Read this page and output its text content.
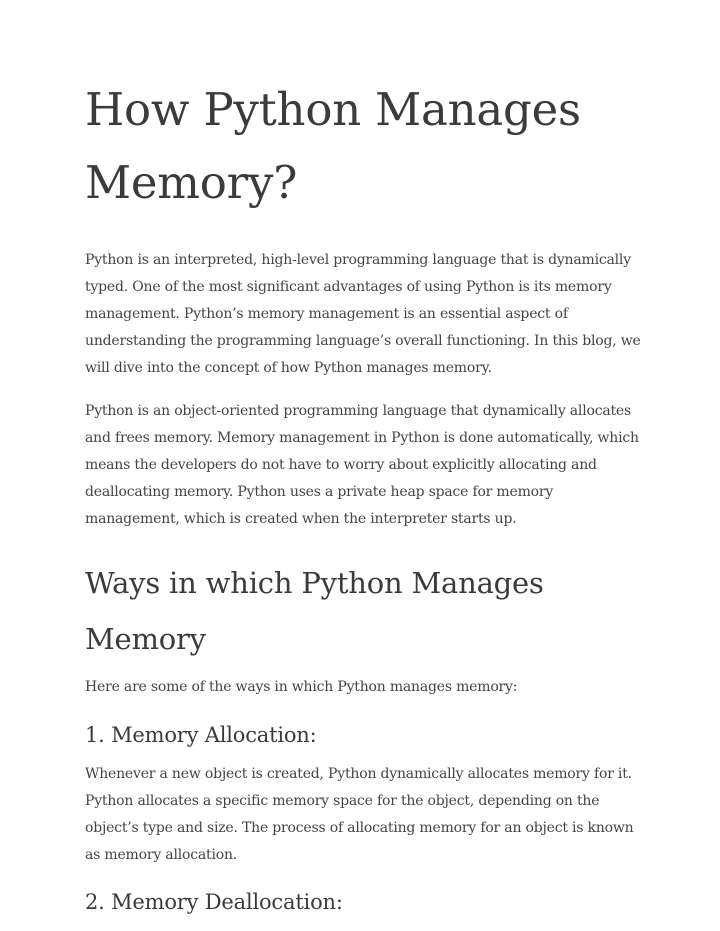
How Python Manages Memory?

Python is an interpreted, high-level programming language that is dynamically typed. One of the most significant advantages of using Python is its memory management. Python’s memory management is an essential aspect of understanding the programming language’s overall functioning. In this blog, we will dive into the concept of how Python manages memory.

Python is an object-oriented programming language that dynamically allocates and frees memory. Memory management in Python is done automatically, which means the developers do not have to worry about explicitly allocating and deallocating memory. Python uses a private heap space for memory management, which is created when the interpreter starts up.

Ways in which Python Manages Memory

Here are some of the ways in which Python manages memory:

1. Memory Allocation:

Whenever a new object is created, Python dynamically allocates memory for it. Python allocates a specific memory space for the object, depending on the object’s type and size. The process of allocating memory for an object is known as memory allocation.

2. Memory Deallocation:
